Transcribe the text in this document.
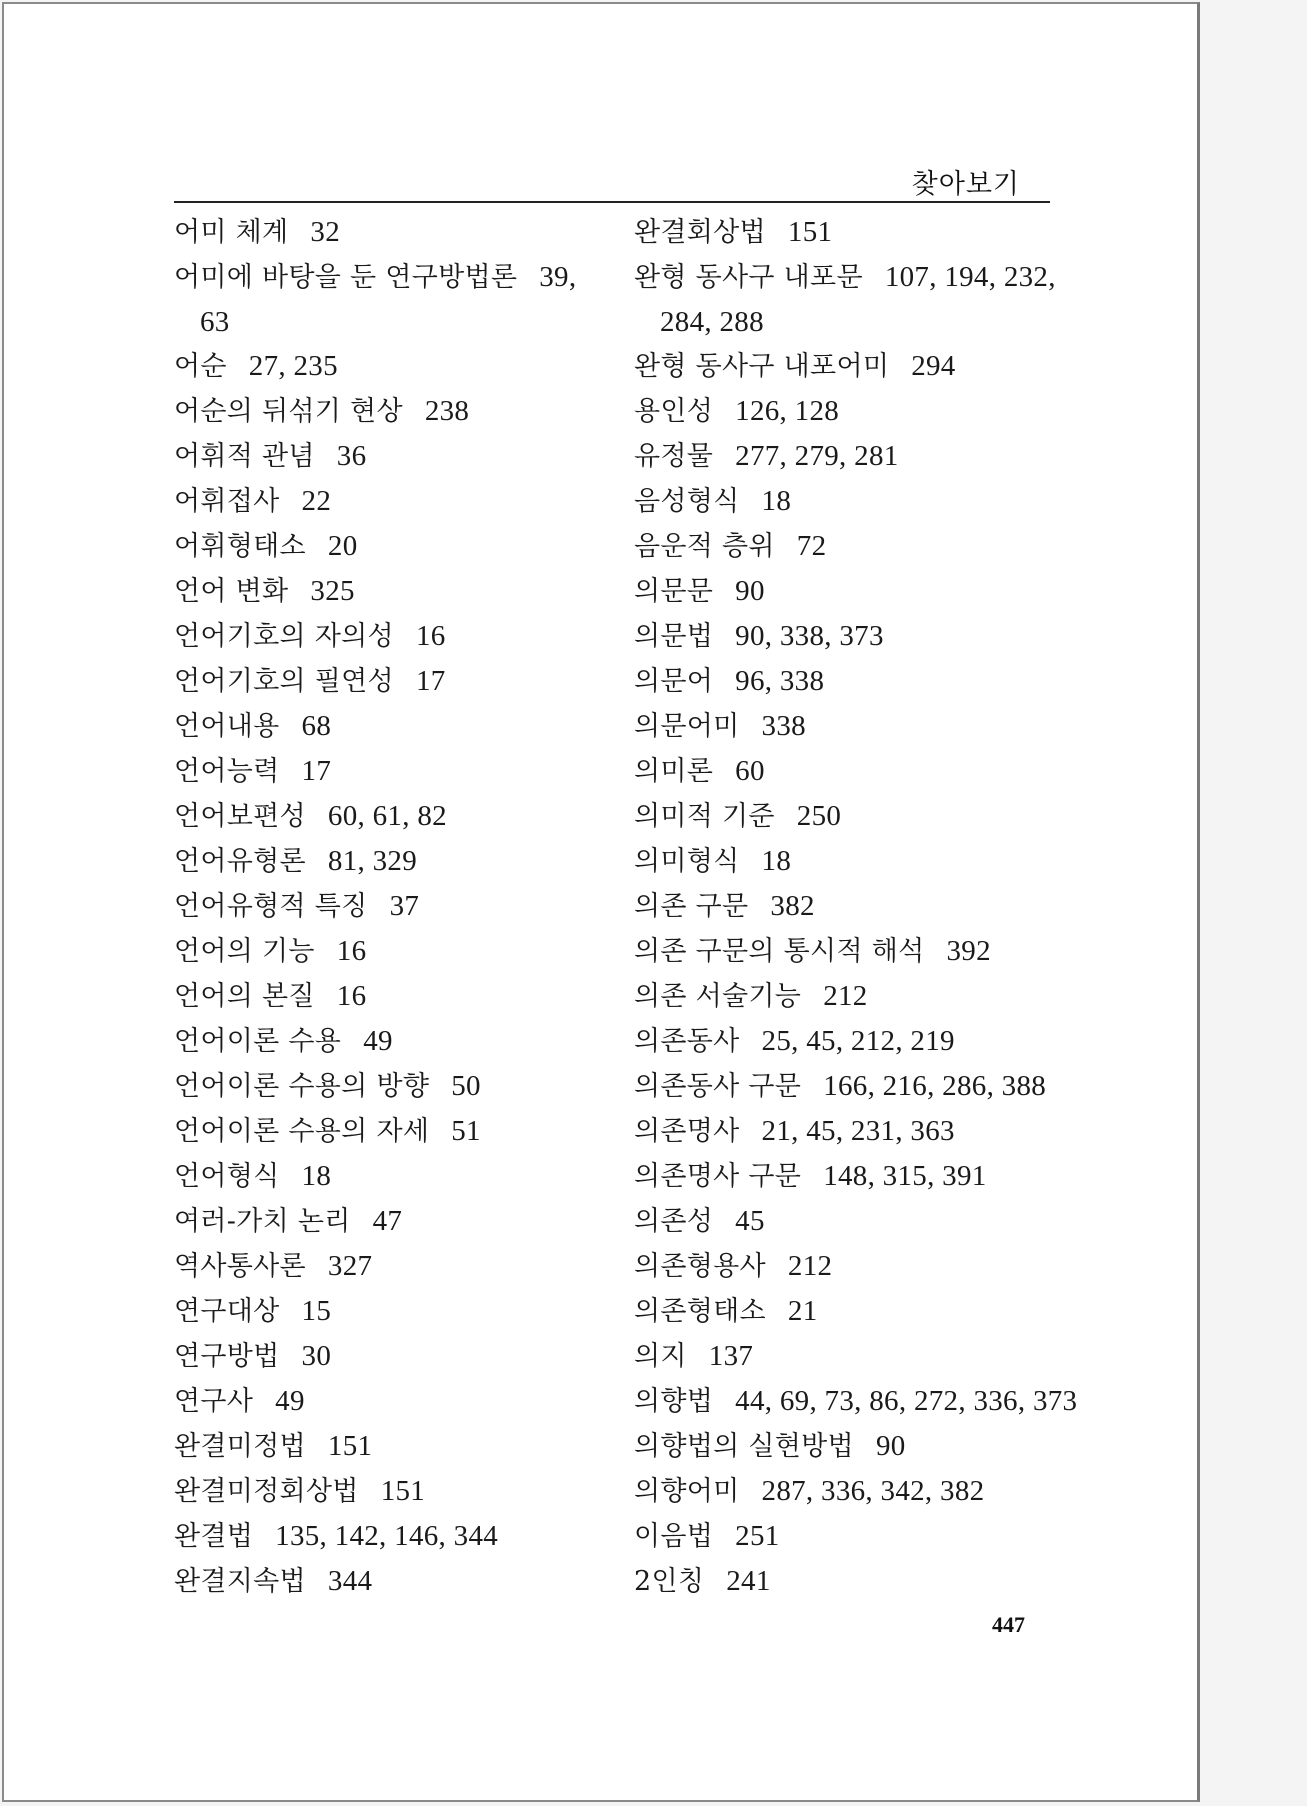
찾아보기
어미 체계 32
어미에 바탕을 둔 연구방법론 39,
63
어순 27, 235
어순의 뒤섞기 현상 238
어휘적 관념 36
어휘접사 22
어휘형태소 20
언어 변화 325
언어기호의 자의성 16
언어기호의 필연성 17
언어내용 68
언어능력 17
언어보편성 60, 61, 82
언어유형론 81, 329
언어유형적 특징 37
언어의 기능 16
언어의 본질 16
언어이론 수용 49
언어이론 수용의 방향 50
언어이론 수용의 자세 51
언어형식 18
여러-가치 논리 47
역사통사론 327
연구대상 15
연구방법 30
연구사 49
완결미정법 151
완결미정회상법 151
완결법 135, 142, 146, 344
완결지속법 344
완결회상법 151
완형 동사구 내포문 107, 194, 232,
284, 288
완형 동사구 내포어미 294
용인성 126, 128
유정물 277, 279, 281
음성형식 18
음운적 층위 72
의문문 90
의문법 90, 338, 373
의문어 96, 338
의문어미 338
의미론 60
의미적 기준 250
의미형식 18
의존 구문 382
의존 구문의 통시적 해석 392
의존 서술기능 212
의존동사 25, 45, 212, 219
의존동사 구문 166, 216, 286, 388
의존명사 21, 45, 231, 363
의존명사 구문 148, 315, 391
의존성 45
의존형용사 212
의존형태소 21
의지 137
의향법 44, 69, 73, 86, 272, 336, 373
의향법의 실현방법 90
의향어미 287, 336, 342, 382
이음법 251
2인칭 241
447
